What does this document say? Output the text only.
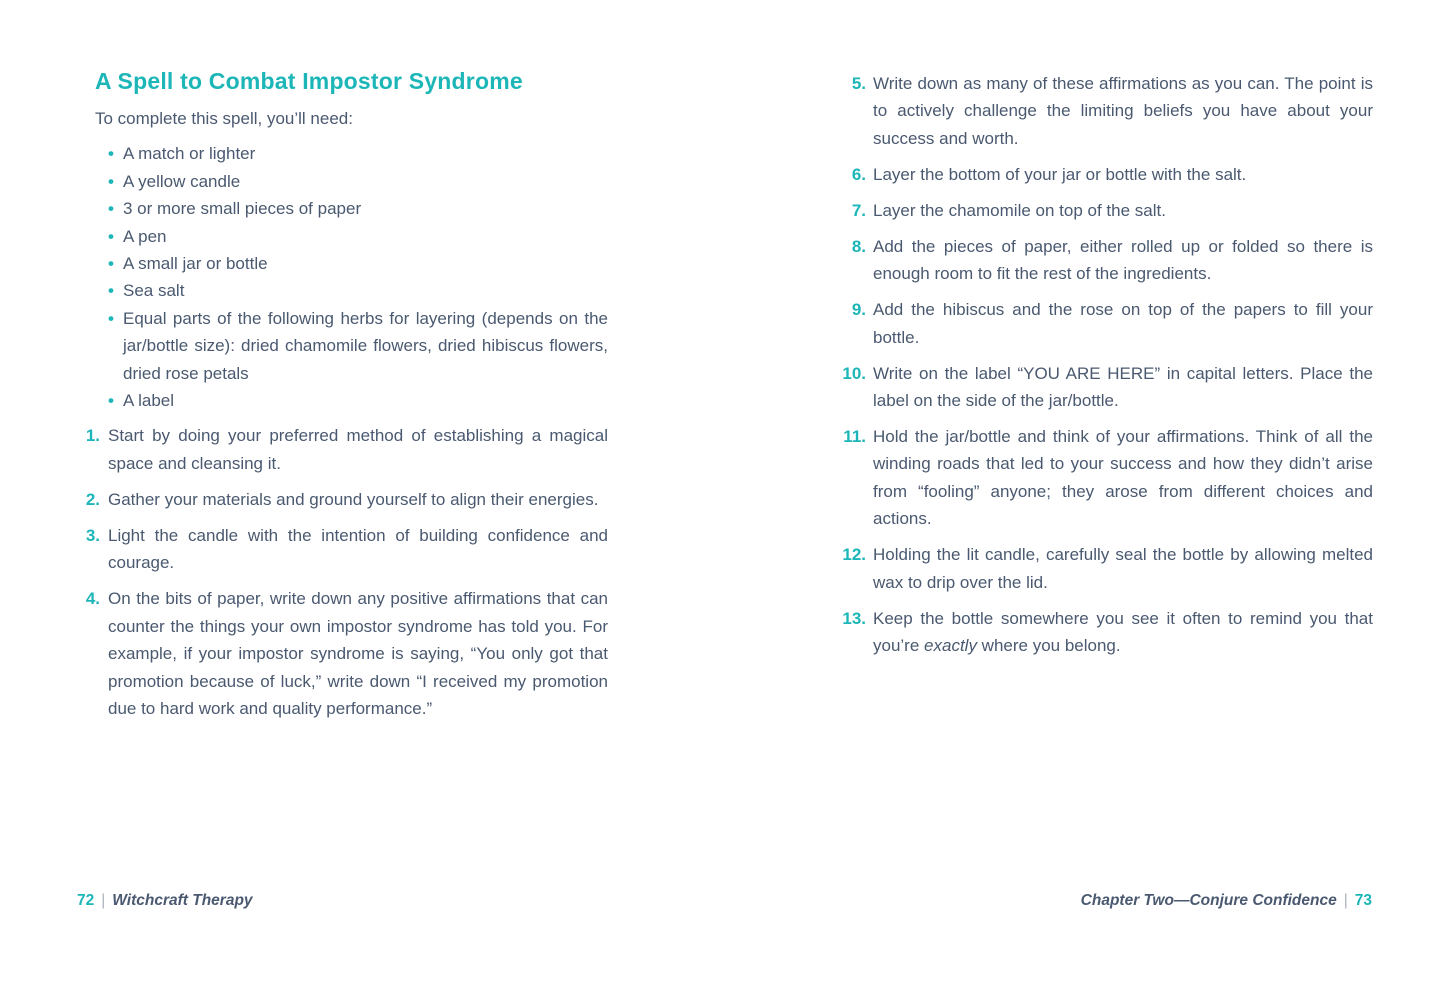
A Spell to Combat Impostor Syndrome

To complete this spell, you’ll need:

• A match or lighter
• A yellow candle
• 3 or more small pieces of paper
• A pen
• A small jar or bottle
• Sea salt
• Equal parts of the following herbs for layering (depends on the jar/bottle size): dried chamomile flowers, dried hibiscus flowers, dried rose petals
• A label
1. Start by doing your preferred method of establishing a magical space and cleansing it.
2. Gather your materials and ground yourself to align their energies.
3. Light the candle with the intention of building confidence and courage.
4. On the bits of paper, write down any positive affirmations that can counter the things your own impostor syndrome has told you. For example, if your impostor syndrome is saying, “You only got that promotion because of luck,” write down “I received my promotion due to hard work and quality performance.”
5. Write down as many of these affirmations as you can. The point is to actively challenge the limiting beliefs you have about your success and worth.
6. Layer the bottom of your jar or bottle with the salt.
7. Layer the chamomile on top of the salt.
8. Add the pieces of paper, either rolled up or folded so there is enough room to fit the rest of the ingredients.
9. Add the hibiscus and the rose on top of the papers to fill your bottle.
10. Write on the label “YOU ARE HERE” in capital letters. Place the label on the side of the jar/bottle.
11. Hold the jar/bottle and think of your affirmations. Think of all the winding roads that led to your success and how they didn’t arise from “fooling” anyone; they arose from different choices and actions.
12. Holding the lit candle, carefully seal the bottle by allowing melted wax to drip over the lid.
13. Keep the bottle somewhere you see it often to remind you that you’re exactly where you belong.
72 | Witchcraft Therapy	Chapter Two—Conjure Confidence | 73
